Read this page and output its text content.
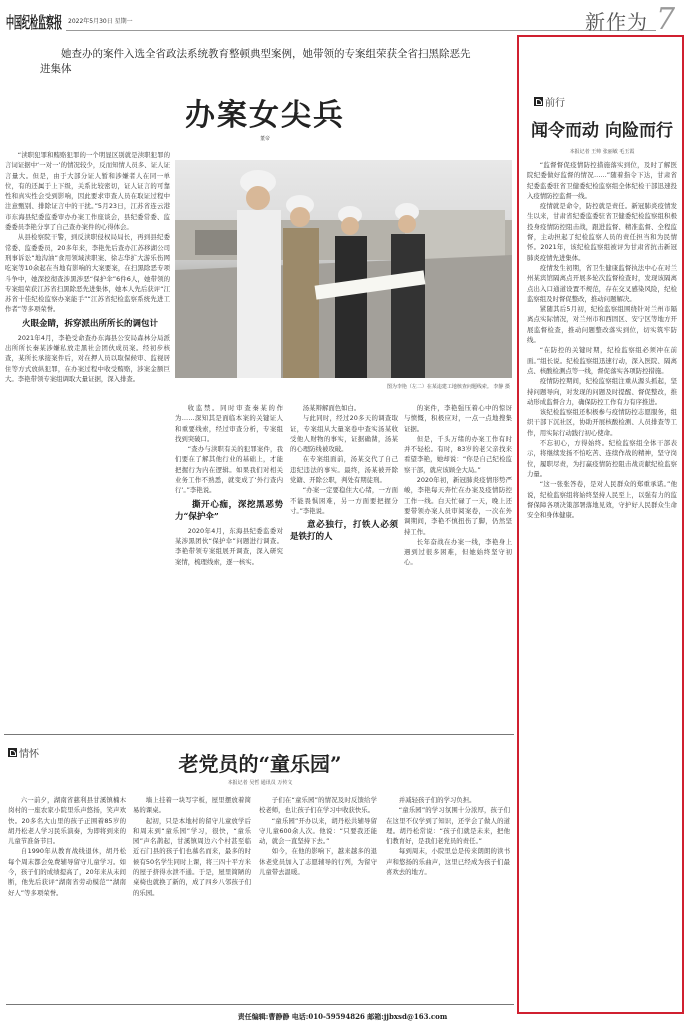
中国纪检监察报 2022年5月30日 星期一	新作为 7
她查办的案件入选全省政法系统教育整顿典型案例，她带领的专案组荣获全省扫黑除恶先进集体
办案女尖兵
董帝

“渎职犯罪和贿赂犯罪的一个明显区别就是渎职犯罪的言词证据中‘一对一’的情况较少，反而知情人员多、证人证言量大。但是，由于大部分证人暂和涉嫌者人在同一单位，有的还属于上下级，关系比较密切，证人证言的可靠性和真实性会受到影响，因此要求审查人员在取证过程中注意甄别、排除证言中的干扰。”5月23日，江苏省连云港市东海县纪委监委审办办案工作座谈会，县纪委常委、监委委员李艳分享了自己查办案件的心得体会。

从县检察院干警，到反渎职侵权局局长，再到县纪委常委、监委委员，20多年来，李艳先后查办江苏移湖公司刑事诉讼“地沟油”食用领域渎职案、徐志华扩大游乐伤网吃案等10余起在当地有影响的大案要案，在扫黑除恶专项斗争中，她深挖彻查涉黑涉恶“保护伞”6件6人，她带领的专案组荣获江苏省扫黑除恶先进集体，她本人先后获评“江苏省十佳纪检监察办案能手”“江苏省纪检监察系统先进工作者”等多项荣誉。

火眼金睛，拆穿派出所所长的调包计

2021年4月，李艳受命查办东海县公安局森林分局派出所所长秦某涉嫌私放走黑社会团伙成员案。经初步核查，某所长承接案件后，对在押人员以取保候审、监视居住等方式放纵犯罪，在办案过程中收受贿赂，涉案金额巨大。李艳带领专案组调取大量证据，深入排查。

图为李艳（左二）在某违建工地核查问题线索。 李静 摄

收监禁。同时审查秦某的作为……深知其是面临本案的关键证人和重要线索，经过审查分析，专案组找到突破口。

“查办与渎职有关的犯罪案件，我们要在了解其他行业的基础上，才能把握行为内在逻辑。如果我们对相关业务工作不熟悉，就变成了‘外行查内行’。”李艳说。

撕开心痂，深挖黑恶势力“保护伞”

2020年4月，东海县纪委监委对某涉黑团伙“保护伞”问题进行调查。李艳带领专案组展开调查，深入研究案情，梳理线索，逐一核实。

汤某辩解面色如白。

与此同时，经过20多天的调查取证，专案组从大量案卷中查实汤某收受他人财物的事实，证据确凿，汤某的心理防线被攻破。

在专案组面前，汤某交代了自己违纪违法的事实。最终，汤某被开除党籍、开除公职，判处有期徒刑。

“办案一定要稳住大心绪，一方面不能畏惧困难，另一方面要把握分寸。”李艳说。

意必独行，打铁人必须是铁打的人

的案件，李艳强压着心中的惊讶与愤慨，积极应对，一点一点地搜集证据。

但是，千头万绪的办案工作有时并不轻松。有时，83岁的老父亲找来看望李艳，她却说：“你是自己纪检监察干部，就应该顾全大局。”

2020年初，新冠肺炎疫情形势严峻，李艳每天奔忙在办案及疫情防控工作一线。白天忙碌了一天，晚上还要带领办案人员审阅案卷，一次在外调期间，李艳不慎扭伤了脚，仍然坚持工作。

长年奋战在办案一线，李艳身上遇到过很多困难，但她始终坚守初心。

情怀	老党员的“童乐园”
本报记者 吴哲 通讯员 万传文

六一前夕，湖南省慈利县甘溪镇楠木岗村的一座农家小院里乐声悠扬，笑声欢快。20多名大山里的孩子正围着85岁的胡丹松老人学习民乐演奏，为即将到来的儿童节准备节目。

自1990年从教育战线退休，胡丹松每个周末都会免费辅导留守儿童学习。如今，孩子们的成绩提高了，20年来从未间断，他先后获评“湖南省劳动模范”“湖南好人”等多项荣誉。

墙上挂着一块写字板，屋里摆放着简易的课桌。

起初，只是本地村的留守儿童放学后和周末到“童乐园”学习，很快，“童乐园”声名鹊起，甘溪镇周边六个村甚至临近石门县的孩子们也慕名而来，最多的时候有50名学生同时上课，将三四十平方米的屋子挤得水泄不通。于是，屋里简陋的桌椅也就换了新的，成了四乡八邻孩子们的乐园。

子们在“童乐园”的情况及时反馈给学校老师，也让孩子们在学习中收获快乐。

“童乐园”开办以来，胡丹松共辅导留守儿童600余人次。他说：“只要我还能动，就会一直坚持下去。”

如今，在他的影响下，越来越多的退休老党员加入了志愿辅导的行列，为留守儿童带去温暖。

并减轻孩子们的学习负担。

“童乐园”的学习氛围十分浓厚，孩子们在这里不仅学到了知识，还学会了做人的道理。胡丹松常说：“孩子们就是未来，把他们教育好，是我们老党员的责任。”

每到周末，小院里总是传来朗朗的读书声和悠扬的乐曲声，这里已经成为孩子们最喜欢去的地方。

前行
闻令而动 向险而行
本报记者 王帅 张丽敏 毛玉霞

“监督督促疫情防控措施落实到位，及时了解医院纪委做好监督的情况……”随着指令下达，甘肃省纪委监委驻省卫健委纪检监察组全体纪检干部迅速投入疫情防控监督一线。

疫情就是命令，防控就是责任。新冠肺炎疫情发生以来，甘肃省纪委监委驻省卫健委纪检监察组积极投身疫情防控阻击战，跟进监督、精准监督、全程监督，主动担起了纪检监察人员的责任担当和为民情怀。2021年，该纪检监察组被评为甘肃省抗击新冠肺炎疫情先进集体。

疫情发生初期，省卫生健康监督执法中心在对兰州某宾馆隔离点开展多轮次监督检查时，发现该隔离点出入口通道设置不规范，存在交叉感染风险，纪检监察组及时督促整改，推动问题解决。

紧随其后5月初，纪检监察组围绕针对兰州市隔离点实际情况，对兰州市和西固区、安宁区等地方开展监督检查，推动问题整改落实到位，切实筑牢防线。

“在防控的关键时期，纪检监察组必须冲在前面。”组长说。纪检监察组迅速行动，深入医院、隔离点、核酸检测点等一线，督促落实各项防控措施。

疫情防控期间，纪检监察组注重从源头抓起，坚持问题导向，对发现的问题及时提醒、督促整改，推动形成监督合力，确保防控工作有力有序推进。

该纪检监察组还积极参与疫情防控志愿服务，组织干部下沉社区，协助开展核酸检测、人员排查等工作，用实际行动践行初心使命。

不忘初心，方得始终。纪检监察组全体干部表示，将继续发扬不怕吃苦、连续作战的精神，坚守岗位，履职尽责，为打赢疫情防控阻击战贡献纪检监察力量。

“这一张张答卷，是对人民群众的郑重承诺。”他说，纪检监察组将始终坚持人民至上，以强有力的监督保障各项决策部署落地见效，守护好人民群众生命安全和身体健康。

责任编辑:曹静静 电话:010-59594826 邮箱:jjbxsd@163.com
